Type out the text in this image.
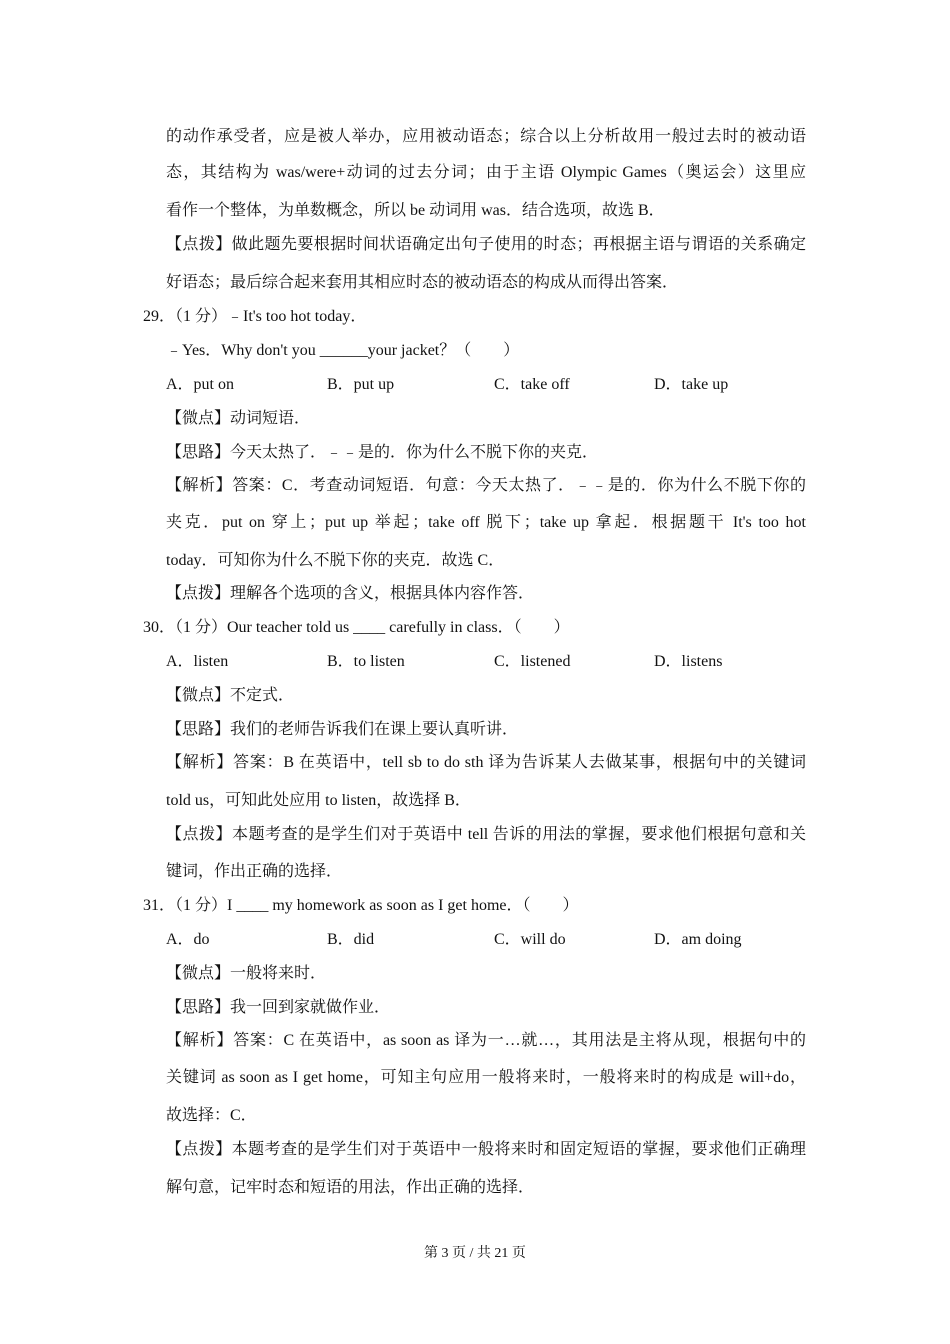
的动作承受者，应是被人举办，应用被动语态；综合以上分析故用一般过去时的被动语
态，其结构为 was/were+动词的过去分词；由于主语 Olympic Games（奥运会）这里应
看作一个整体，为单数概念，所以 be 动词用 was．结合选项，故选 B．
【点拨】做此题先要根据时间状语确定出句子使用的时态；再根据主语与谓语的关系确定
好语态；最后综合起来套用其相应时态的被动语态的构成从而得出答案．
29．（1 分）﹣It's too hot today．
﹣Yes．Why don't you ______your jacket？（　　）
A．put on	B．put up	C．take off	D．take up
【微点】动词短语．
【思路】今天太热了．﹣﹣是的．你为什么不脱下你的夹克．
【解析】答案：C．考查动词短语．句意：今天太热了．﹣﹣是的．你为什么不脱下你的
夹克．put on 穿上；put up 举起；take off 脱下；take up 拿起．根据题干 It's too hot
today．可知你为什么不脱下你的夹克．故选 C．
【点拨】理解各个选项的含义，根据具体内容作答．
30．（1 分）Our teacher told us ____ carefully in class．（　　）
A．listen	B．to listen	C．listened	D．listens
【微点】不定式．
【思路】我们的老师告诉我们在课上要认真听讲．
【解析】答案：B 在英语中，tell sb to do sth 译为告诉某人去做某事，根据句中的关键词
told us，可知此处应用 to listen，故选择 B．
【点拨】本题考查的是学生们对于英语中 tell 告诉的用法的掌握，要求他们根据句意和关
键词，作出正确的选择．
31．（1 分）I ____ my homework as soon as I get home．（　　）
A．do	B．did	C．will do	D．am doing
【微点】一般将来时．
【思路】我一回到家就做作业．
【解析】答案：C 在英语中，as soon as 译为一…就…，其用法是主将从现，根据句中的
关键词 as soon as I get home，可知主句应用一般将来时，一般将来时的构成是 will+do，
故选择：C．
【点拨】本题考查的是学生们对于英语中一般将来时和固定短语的掌握，要求他们正确理
解句意，记牢时态和短语的用法，作出正确的选择．
第 3 页 / 共 21 页
